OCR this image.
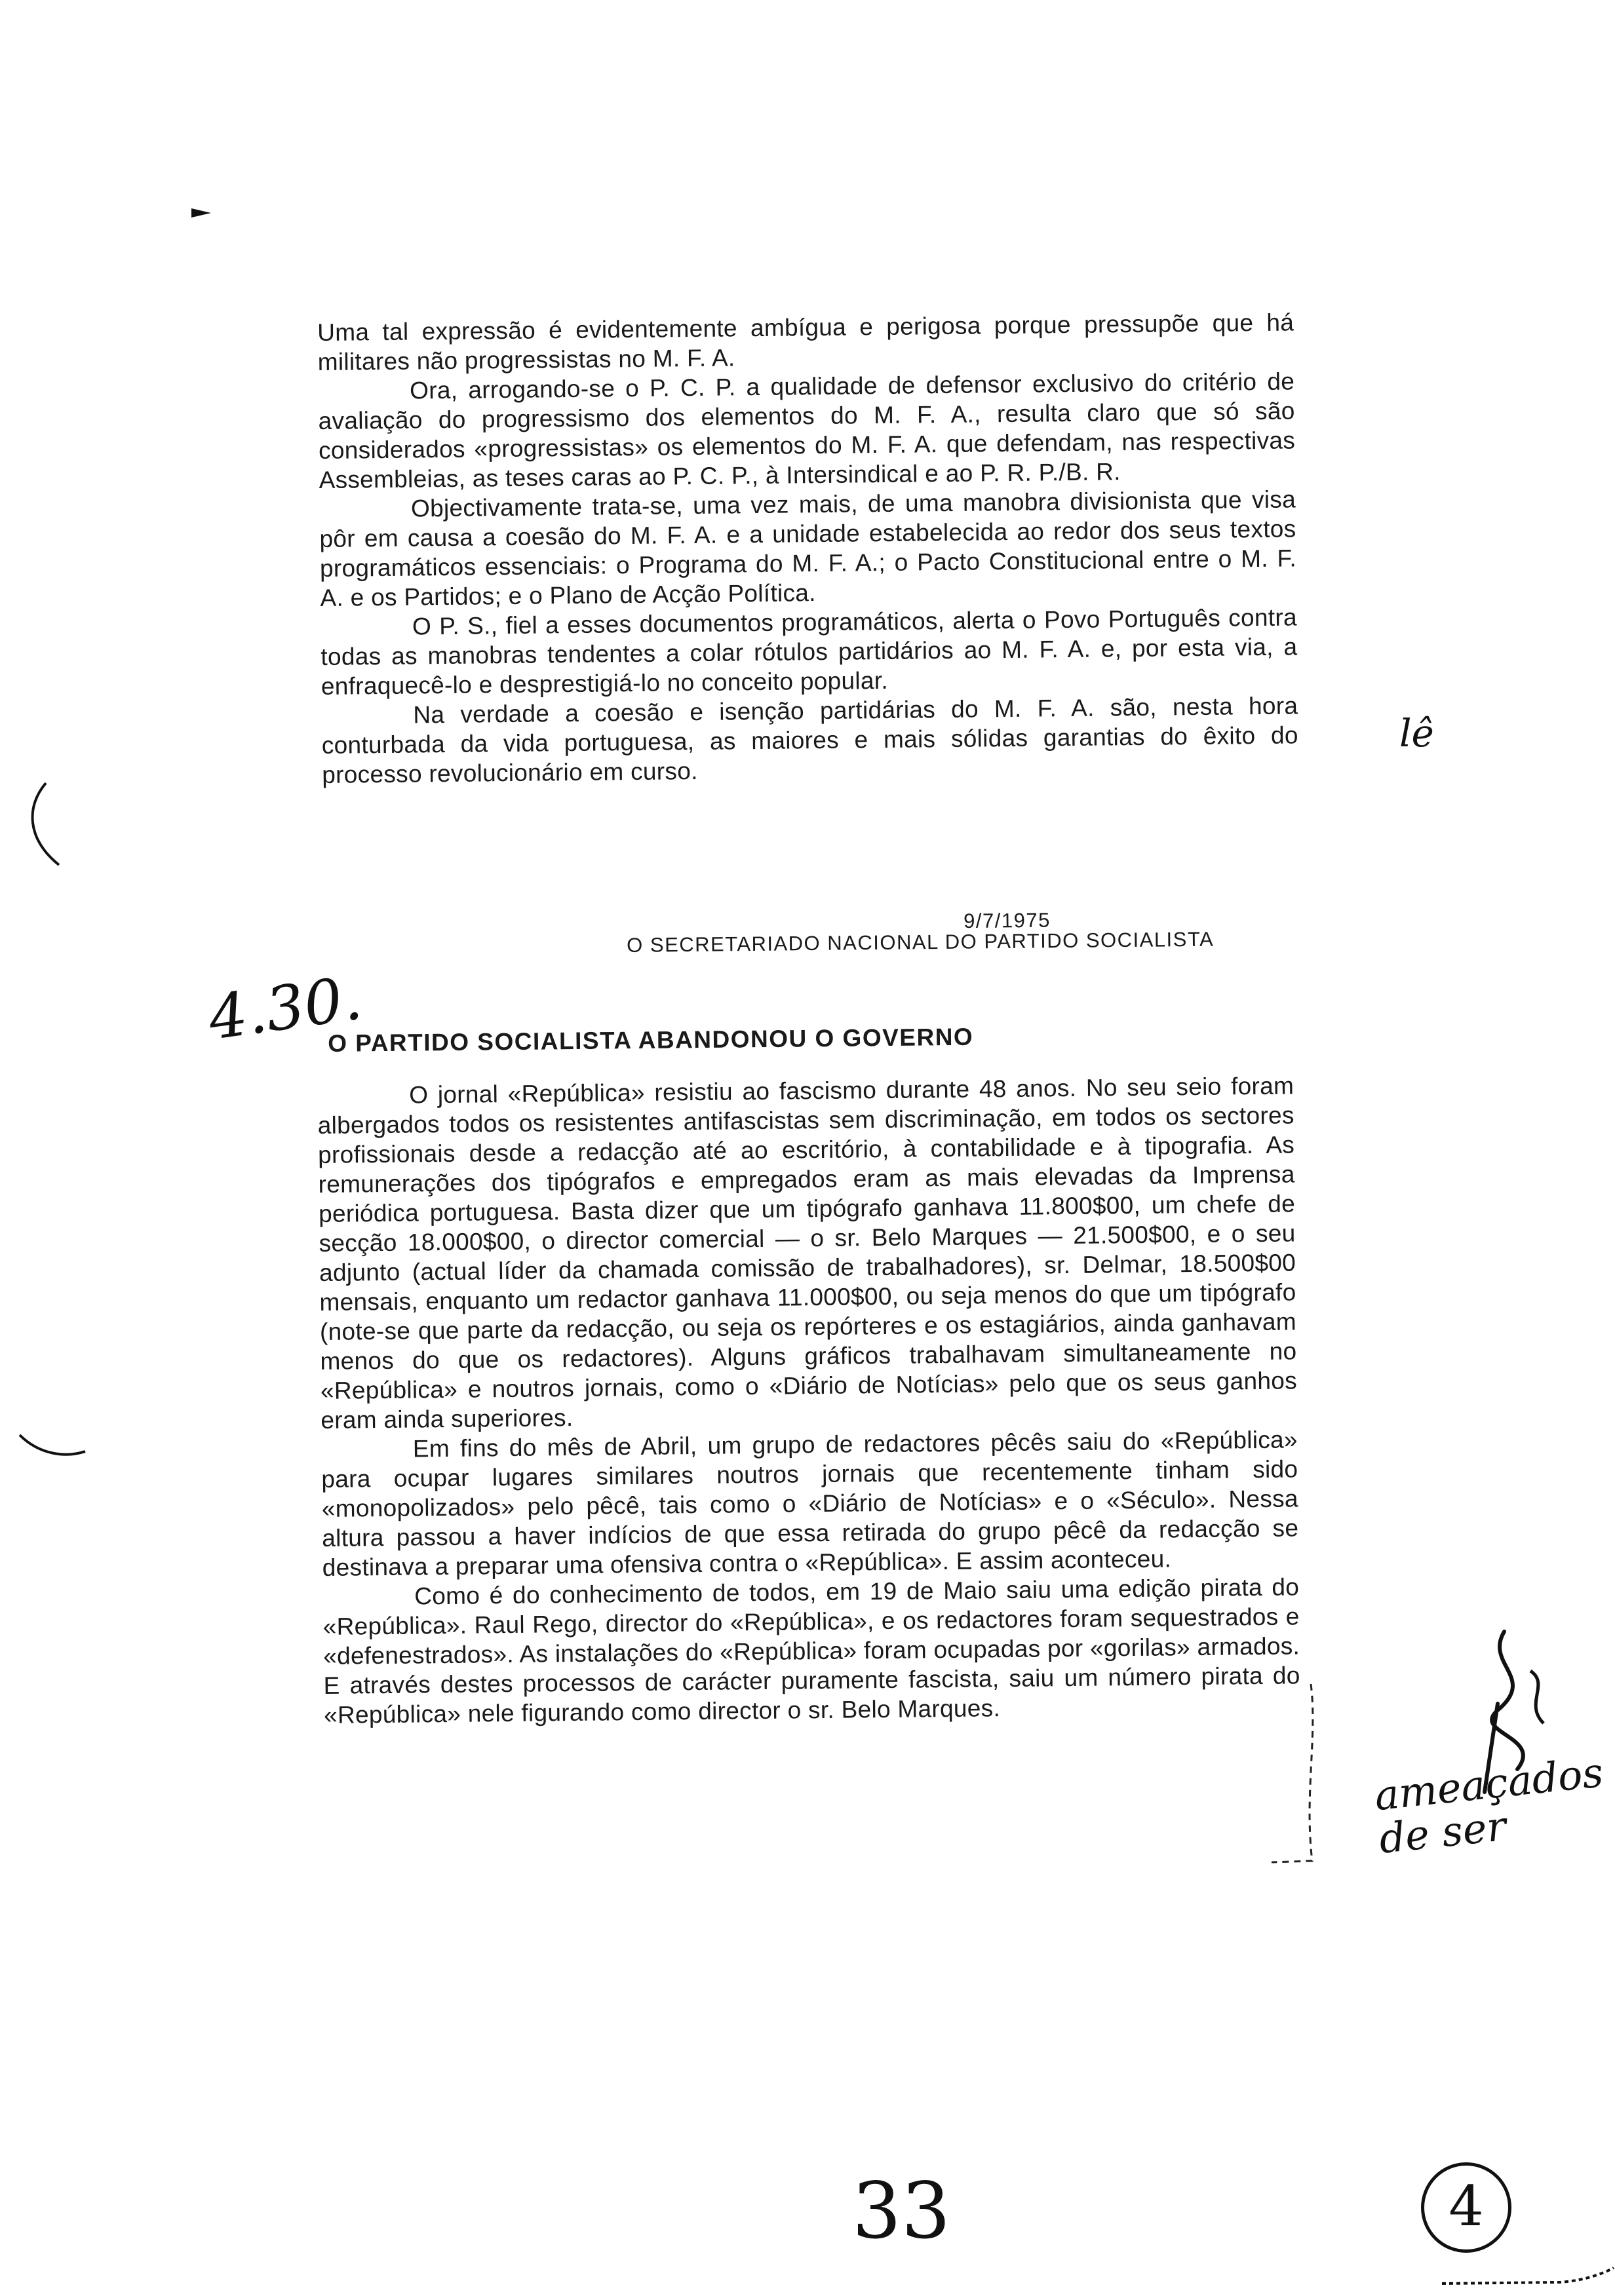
Uma tal expressão é evidentemente ambígua e perigosa porque pressupõe que há militares não progressistas no M. F. A.

Ora, arrogando-se o P. C. P. a qualidade de defensor exclusivo do critério de avaliação do progressismo dos elementos do M. F. A., resulta claro que só são considerados «progressistas» os elementos do M. F. A. que defendam, nas respectivas Assembleias, as teses caras ao P. C. P., à Intersindical e ao P. R. P./B. R.

Objectivamente trata-se, uma vez mais, de uma manobra divisionista que visa pôr em causa a coesão do M. F. A. e a unidade estabelecida ao redor dos seus textos programáticos essenciais: o Programa do M. F. A.; o Pacto Constitucional entre o M. F. A. e os Partidos; e o Plano de Acção Política.

O P. S., fiel a esses documentos programáticos, alerta o Povo Português contra todas as manobras tendentes a colar rótulos partidários ao M. F. A. e, por esta via, a enfraquecê-lo e desprestigiá-lo no conceito popular.

Na verdade a coesão e isenção partidárias do M. F. A. são, nesta hora conturbada da vida portuguesa, as maiores e mais sólidas garantias do êxito do processo revolucionário em curso.

9/7/1975
O SECRETARIADO NACIONAL DO PARTIDO SOCIALISTA
4.30.
O PARTIDO SOCIALISTA ABANDONOU O GOVERNO

O jornal «República» resistiu ao fascismo durante 48 anos. No seu seio foram albergados todos os resistentes antifascistas sem discriminação, em todos os sectores profissionais desde a redacção até ao escritório, à contabilidade e à tipografia. As remunerações dos tipógrafos e empregados eram as mais elevadas da Imprensa periódica portuguesa. Basta dizer que um tipógrafo ganhava 11.800$00, um chefe de secção 18.000$00, o director comercial — o sr. Belo Marques — 21.500$00, e o seu adjunto (actual líder da chamada comissão de trabalhadores), sr. Delmar, 18.500$00 mensais, enquanto um redactor ganhava 11.000$00, ou seja menos do que um tipógrafo (note-se que parte da redacção, ou seja os repórteres e os estagiários, ainda ganhavam menos do que os redactores). Alguns gráficos trabalhavam simultaneamente no «República» e noutros jornais, como o «Diário de Notícias» pelo que os seus ganhos eram ainda superiores.

Em fins do mês de Abril, um grupo de redactores pêcês saiu do «República» para ocupar lugares similares noutros jornais que recentemente tinham sido «monopolizados» pelo pêcê, tais como o «Diário de Notícias» e o «Século». Nessa altura passou a haver indícios de que essa retirada do grupo pêcê da redacção se destinava a preparar uma ofensiva contra o «República». E assim aconteceu.

Como é do conhecimento de todos, em 19 de Maio saiu uma edição pirata do «República». Raul Rego, director do «República», e os redactores foram sequestrados e «defenestrados». As instalações do «República» foram ocupadas por «gorilas» armados. E através destes processos de carácter puramente fascista, saiu um número pirata do «República» nele figurando como director o sr. Belo Marques.

lê
ameaçados
de ser
33	4
